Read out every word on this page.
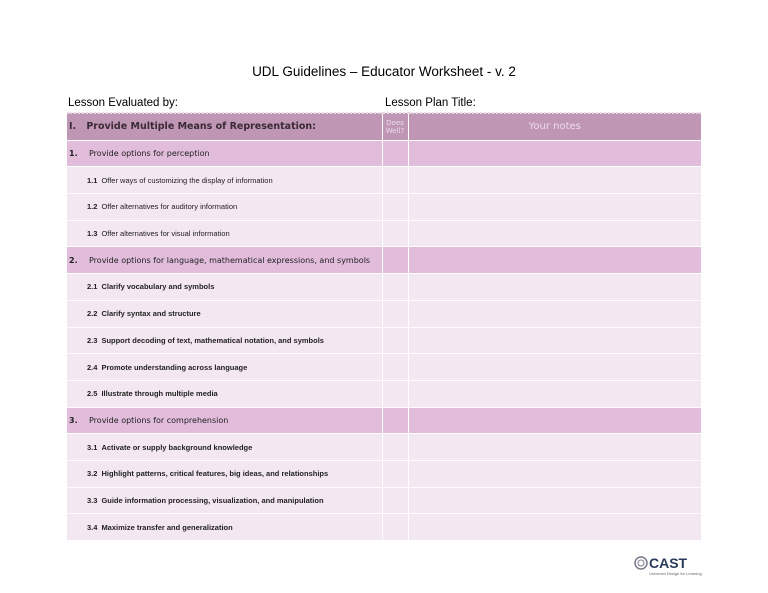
UDL Guidelines – Educator Worksheet - v. 2
Lesson Evaluated by:	Lesson Plan Title:
I. Provide Multiple Means of Representation:	Does Well?	Your notes
1. Provide options for perception		
1.1 Offer ways of customizing the display of information		
1.2 Offer alternatives for auditory information		
1.3 Offer alternatives for visual information		
2. Provide options for language, mathematical expressions, and symbols		
2.1 Clarify vocabulary and symbols		
2.2 Clarify syntax and structure		
2.3 Support decoding of text, mathematical notation, and symbols		
2.4 Promote understanding across language		
2.5 Illustrate through multiple media		
3. Provide options for comprehension		
3.1 Activate or supply background knowledge		
3.2 Highlight patterns, critical features, big ideas, and relationships		
3.3 Guide information processing, visualization, and manipulation		
3.4 Maximize transfer and generalization		
CAST
Universal Design for Learning
